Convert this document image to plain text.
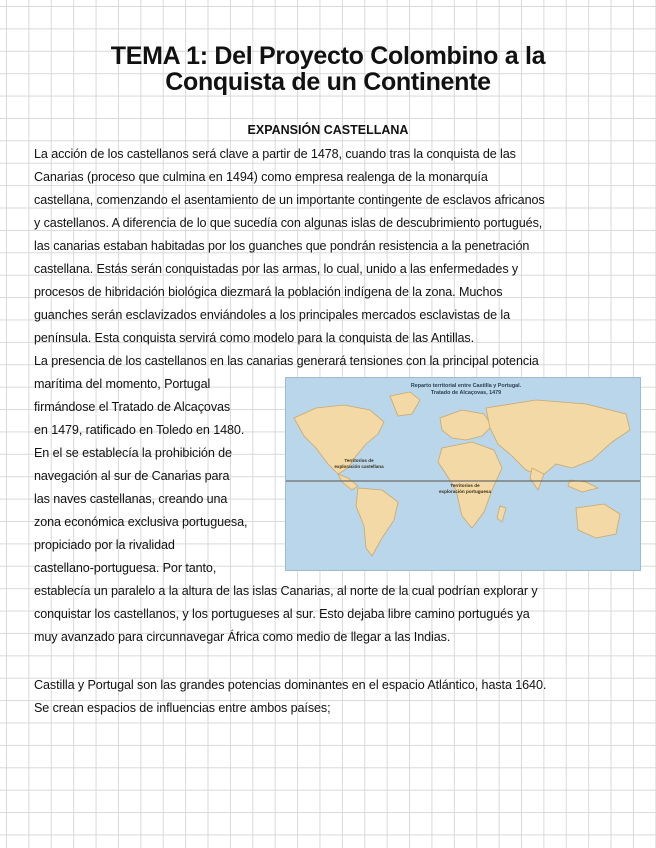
TEMA 1: Del Proyecto Colombino a la
Conquista de un Continente
EXPANSIÓN CASTELLANA
La acción de los castellanos será clave a partir de 1478, cuando tras la conquista de las
Canarias (proceso que culmina en 1494) como empresa realenga de la monarquía
castellana, comenzando el asentamiento de un importante contingente de esclavos africanos
y castellanos. A diferencia de lo que sucedía con algunas islas de descubrimiento portugués,
las canarias estaban habitadas por los guanches que pondrán resistencia a la penetración
castellana. Estás serán conquistadas por las armas, lo cual, unido a las enfermedades y
procesos de hibridación biológica diezmará la población indígena de la zona. Muchos
guanches serán esclavizados enviándoles a los principales mercados esclavistas de la
península. Esta conquista servirá como modelo para la conquista de las Antillas.
La presencia de los castellanos en las canarias generará tensiones con la principal potencia
marítima del momento, Portugal
firmándose el Tratado de Alcaçovas
en 1479, ratificado en Toledo en 1480.
En el se establecía la prohibición de
navegación al sur de Canarias para
las naves castellanas, creando una
zona económica exclusiva portuguesa,
propiciado por la rivalidad
castellano-portuguesa. Por tanto,
establecía un paralelo a la altura de las islas Canarias, al norte de la cual podrían explorar y
conquistar los castellanos, y los portugueses al sur. Esto dejaba libre camino portugués ya
muy avanzado para circunnavegar África como medio de llegar a las Indias.
Castilla y Portugal son las grandes potencias dominantes en el espacio Atlántico, hasta 1640.
Se crean espacios de influencias entre ambos países;
Reparto territorial entre Castilla y Portugal. Tratado de Alcaçovas, 1479
Territorios de exploración castellana
Territorios de exploración portuguesa
